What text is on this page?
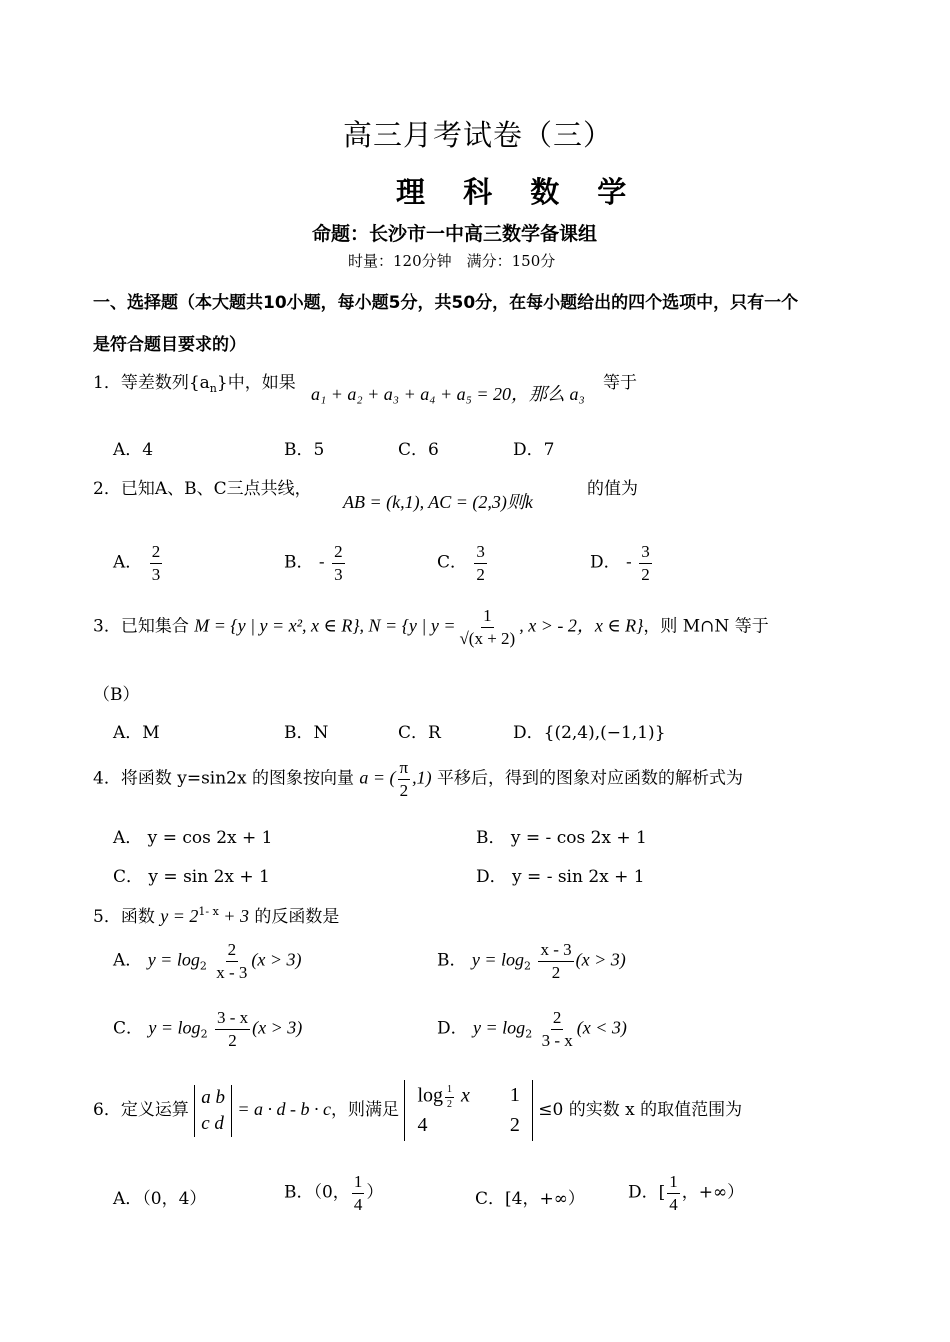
高三月考试卷（三）
理 科 数 学
命题：长沙市一中高三数学备课组
时量：120分钟　满分：150分
一、选择题（本大题共10小题，每小题5分，共50分，在每小题给出的四个选项中，只有一个
是符合题目要求的）
1．等差数列$\{a_n\}$中，如果
a₁ + a₂ + a₃ + a₄ + a₅ = 20，那么 a₃
等于
A．4	B．5	C．6	D．7
2．已知A、B、C三点共线，
AB = (k,1), AC = (2,3)则k
的值为
A． $\frac{2}{3}$	B． - $\frac{2}{3}$	C． $\frac{3}{2}$	D． - $\frac{3}{2}$
3．已知集合 M = {y | y = x², x ∈ R}, N = {y | $y = \frac{1}{√(x + 2)}$ , x > - 2，x ∈ R}，则 M∩N 等于
（B）
A．M	B．N	C．R	D．{(2,4),(−1,1)}
4．将函数 y=sin2x 的图象按向量 a = ( $\frac{\pi}{2} ,1$) 平移后，得到的图象对应函数的解析式为
A． y = cos 2x + 1	B． y = - cos 2x + 1
C． y = sin 2x + 1	D． y = - sin 2x + 1
5．函数 $y = 2^{1- x} + 3$ 的反函数是
A． $y = \log_2 \frac{2}{x - 3} (x > 3)$	B． $y = \log_2 \frac{x - 3}{2} (x > 3)$
C． $y = \log_2 \frac{3 - x}{2} (x > 3)$	D． $y = \log_2 \frac{2}{3 - x} (x < 3)$
6．定义运算 a b
c d = a · d - b · c，则满足
$\log \frac{1}{2}$ x 1
4	2
≤0 的实数 x 的取值范围为
A．（0，4）	B．（0， $\frac{1}{4}$ ）	C．[4，+∞）	D．[ $\frac{1}{4}$ ，+∞）
